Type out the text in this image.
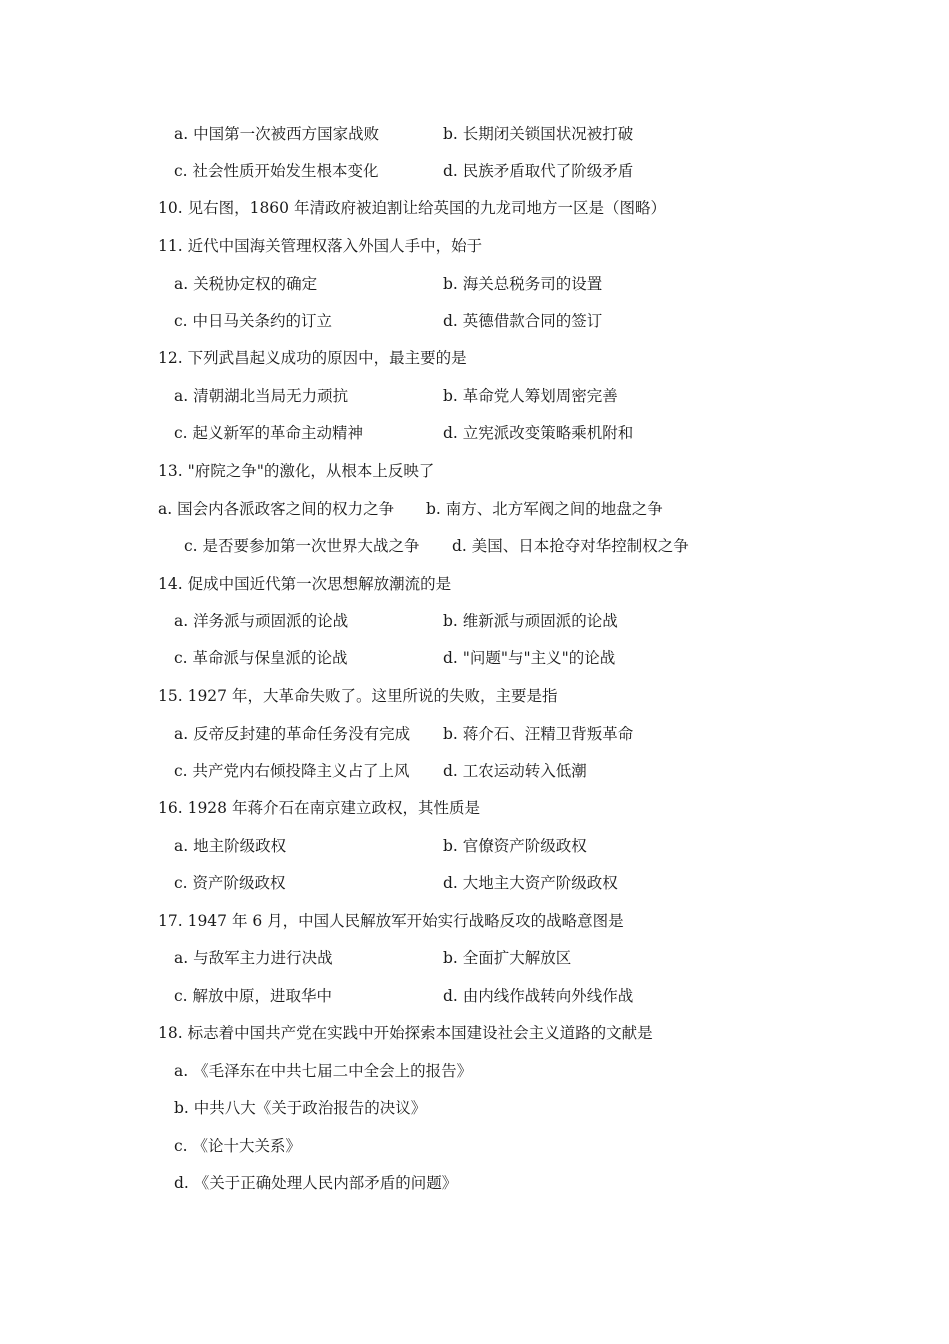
a. 中国第一次被西方国家战败	b. 长期闭关锁国状况被打破
c. 社会性质开始发生根本变化	d. 民族矛盾取代了阶级矛盾
10. 见右图，1860 年清政府被迫割让给英国的九龙司地方一区是（图略）
11. 近代中国海关管理权落入外国人手中，始于
a. 关税协定权的确定	b. 海关总税务司的设置
c. 中日马关条约的订立	d. 英德借款合同的签订
12. 下列武昌起义成功的原因中，最主要的是
a. 清朝湖北当局无力顽抗	b. 革命党人筹划周密完善
c. 起义新军的革命主动精神	d. 立宪派改变策略乘机附和
13. "府院之争"的激化，从根本上反映了
a. 国会内各派政客之间的权力之争 b. 南方、北方军阀之间的地盘之争
c. 是否要参加第一次世界大战之争 d. 美国、日本抢夺对华控制权之争
14. 促成中国近代第一次思想解放潮流的是
a. 洋务派与顽固派的论战	b. 维新派与顽固派的论战
c. 革命派与保皇派的论战	d. "问题"与"主义"的论战
15. 1927 年，大革命失败了。这里所说的失败，主要是指
a. 反帝反封建的革命任务没有完成 b. 蒋介石、汪精卫背叛革命
c. 共产党内右倾投降主义占了上风 d. 工农运动转入低潮
16. 1928 年蒋介石在南京建立政权，其性质是
a. 地主阶级政权	b. 官僚资产阶级政权
c. 资产阶级政权	d. 大地主大资产阶级政权
17. 1947 年 6 月，中国人民解放军开始实行战略反攻的战略意图是
a. 与敌军主力进行决战	b. 全面扩大解放区
c. 解放中原，进取华中	d. 由内线作战转向外线作战
18. 标志着中国共产党在实践中开始探索本国建设社会主义道路的文献是
a. 《毛泽东在中共七届二中全会上的报告》
b. 中共八大《关于政治报告的决议》
c. 《论十大关系》
d. 《关于正确处理人民内部矛盾的问题》
